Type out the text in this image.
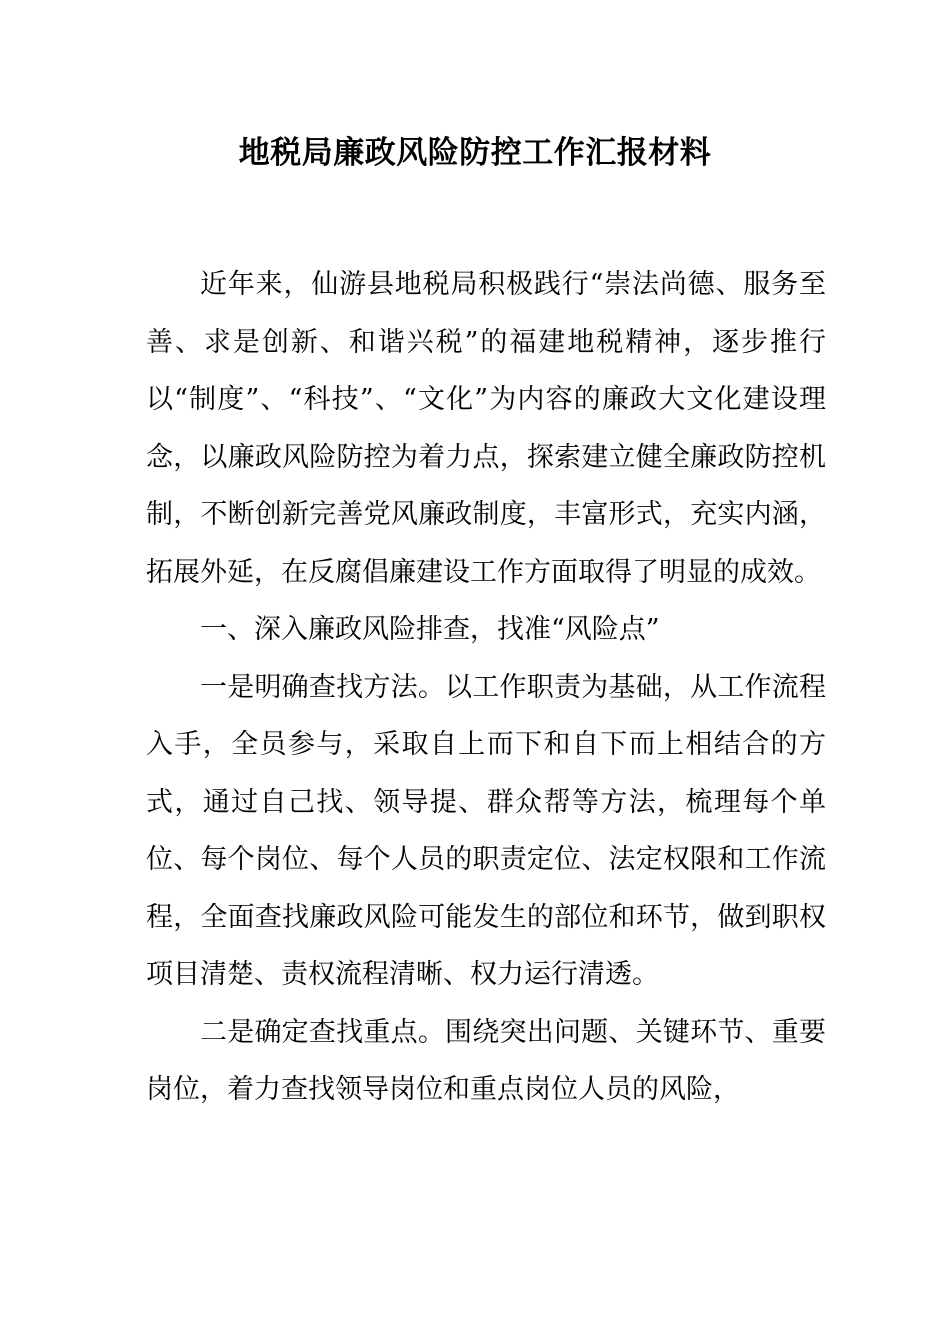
地税局廉政风险防控工作汇报材料

近年来，仙游县地税局积极践行“崇法尚德、服务至善、求是创新、和谐兴税”的福建地税精神，逐步推行以“制度”、“科技”、“文化”为内容的廉政大文化建设理念，以廉政风险防控为着力点，探索建立健全廉政防控机制，不断创新完善党风廉政制度，丰富形式，充实内涵，拓展外延，在反腐倡廉建设工作方面取得了明显的成效。

一、深入廉政风险排查，找准“风险点”

一是明确查找方法。以工作职责为基础，从工作流程入手，全员参与，采取自上而下和自下而上相结合的方式，通过自己找、领导提、群众帮等方法，梳理每个单位、每个岗位、每个人员的职责定位、法定权限和工作流程，全面查找廉政风险可能发生的部位和环节，做到职权项目清楚、责权流程清晰、权力运行清透。

二是确定查找重点。围绕突出问题、关键环节、重要岗位，着力查找领导岗位和重点岗位人员的风险，
